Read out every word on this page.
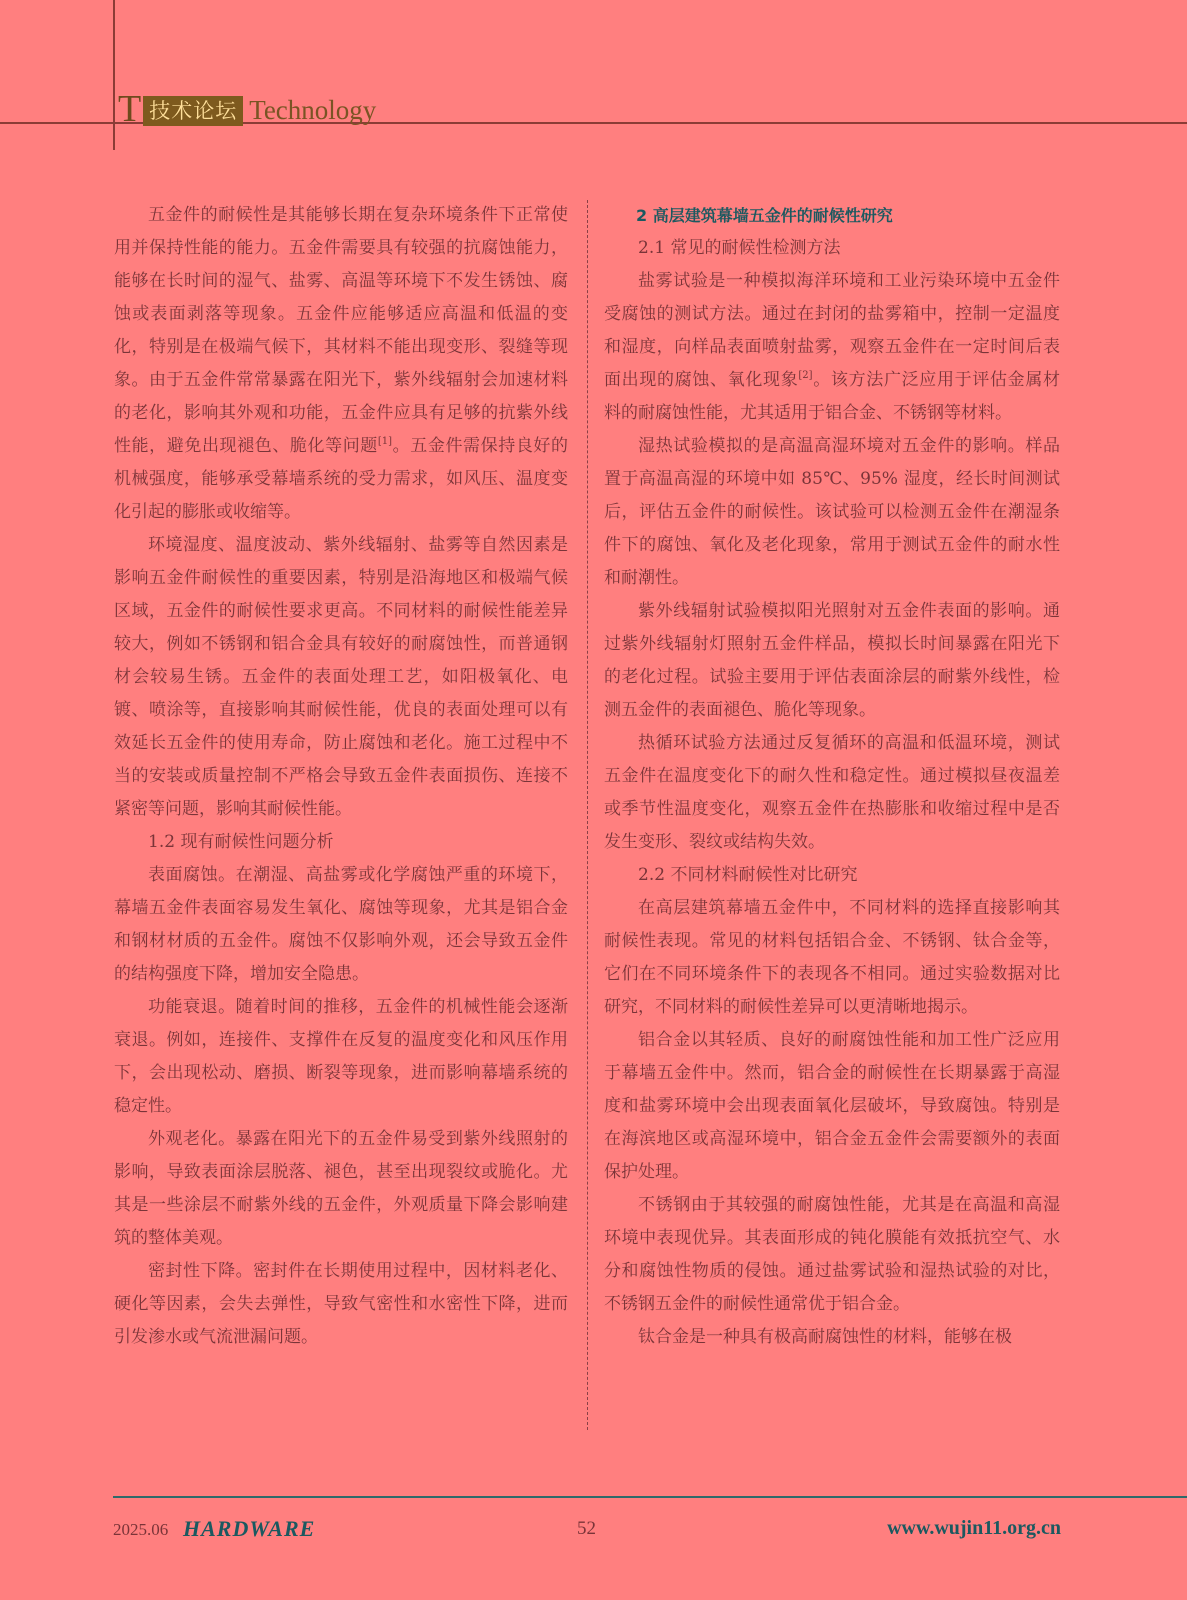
T 技术论坛 Technology

五金件的耐候性是其能够长期在复杂环境条件下正常使用并保持性能的能力。五金件需要具有较强的抗腐蚀能力，能够在长时间的湿气、盐雾、高温等环境下不发生锈蚀、腐蚀或表面剥落等现象。五金件应能够适应高温和低温的变化，特别是在极端气候下，其材料不能出现变形、裂缝等现象。由于五金件常常暴露在阳光下，紫外线辐射会加速材料的老化，影响其外观和功能，五金件应具有足够的抗紫外线性能，避免出现褪色、脆化等问题[1]。五金件需保持良好的机械强度，能够承受幕墙系统的受力需求，如风压、温度变化引起的膨胀或收缩等。

环境湿度、温度波动、紫外线辐射、盐雾等自然因素是影响五金件耐候性的重要因素，特别是沿海地区和极端气候区域，五金件的耐候性要求更高。不同材料的耐候性能差异较大，例如不锈钢和铝合金具有较好的耐腐蚀性，而普通钢材会较易生锈。五金件的表面处理工艺，如阳极氧化、电镀、喷涂等，直接影响其耐候性能，优良的表面处理可以有效延长五金件的使用寿命，防止腐蚀和老化。施工过程中不当的安装或质量控制不严格会导致五金件表面损伤、连接不紧密等问题，影响其耐候性能。

1.2 现有耐候性问题分析

表面腐蚀。在潮湿、高盐雾或化学腐蚀严重的环境下，幕墙五金件表面容易发生氧化、腐蚀等现象，尤其是铝合金和钢材材质的五金件。腐蚀不仅影响外观，还会导致五金件的结构强度下降，增加安全隐患。

功能衰退。随着时间的推移，五金件的机械性能会逐渐衰退。例如，连接件、支撑件在反复的温度变化和风压作用下，会出现松动、磨损、断裂等现象，进而影响幕墙系统的稳定性。

外观老化。暴露在阳光下的五金件易受到紫外线照射的影响，导致表面涂层脱落、褪色，甚至出现裂纹或脆化。尤其是一些涂层不耐紫外线的五金件，外观质量下降会影响建筑的整体美观。

密封性下降。密封件在长期使用过程中，因材料老化、硬化等因素，会失去弹性，导致气密性和水密性下降，进而引发渗水或气流泄漏问题。

2 高层建筑幕墙五金件的耐候性研究

2.1 常见的耐候性检测方法

盐雾试验是一种模拟海洋环境和工业污染环境中五金件受腐蚀的测试方法。通过在封闭的盐雾箱中，控制一定温度和湿度，向样品表面喷射盐雾，观察五金件在一定时间后表面出现的腐蚀、氧化现象[2]。该方法广泛应用于评估金属材料的耐腐蚀性能，尤其适用于铝合金、不锈钢等材料。

湿热试验模拟的是高温高湿环境对五金件的影响。样品置于高温高湿的环境中如 85℃、95% 湿度，经长时间测试后，评估五金件的耐候性。该试验可以检测五金件在潮湿条件下的腐蚀、氧化及老化现象，常用于测试五金件的耐水性和耐潮性。

紫外线辐射试验模拟阳光照射对五金件表面的影响。通过紫外线辐射灯照射五金件样品，模拟长时间暴露在阳光下的老化过程。试验主要用于评估表面涂层的耐紫外线性，检测五金件的表面褪色、脆化等现象。

热循环试验方法通过反复循环的高温和低温环境，测试五金件在温度变化下的耐久性和稳定性。通过模拟昼夜温差或季节性温度变化，观察五金件在热膨胀和收缩过程中是否发生变形、裂纹或结构失效。

2.2 不同材料耐候性对比研究

在高层建筑幕墙五金件中，不同材料的选择直接影响其耐候性表现。常见的材料包括铝合金、不锈钢、钛合金等，它们在不同环境条件下的表现各不相同。通过实验数据对比研究，不同材料的耐候性差异可以更清晰地揭示。

铝合金以其轻质、良好的耐腐蚀性能和加工性广泛应用于幕墙五金件中。然而，铝合金的耐候性在长期暴露于高湿度和盐雾环境中会出现表面氧化层破坏，导致腐蚀。特别是在海滨地区或高湿环境中，铝合金五金件会需要额外的表面保护处理。

不锈钢由于其较强的耐腐蚀性能，尤其是在高温和高湿环境中表现优异。其表面形成的钝化膜能有效抵抗空气、水分和腐蚀性物质的侵蚀。通过盐雾试验和湿热试验的对比，不锈钢五金件的耐候性通常优于铝合金。

钛合金是一种具有极高耐腐蚀性的材料，能够在极

2025.06 HARDWARE	52	www.wujin11.org.cn
